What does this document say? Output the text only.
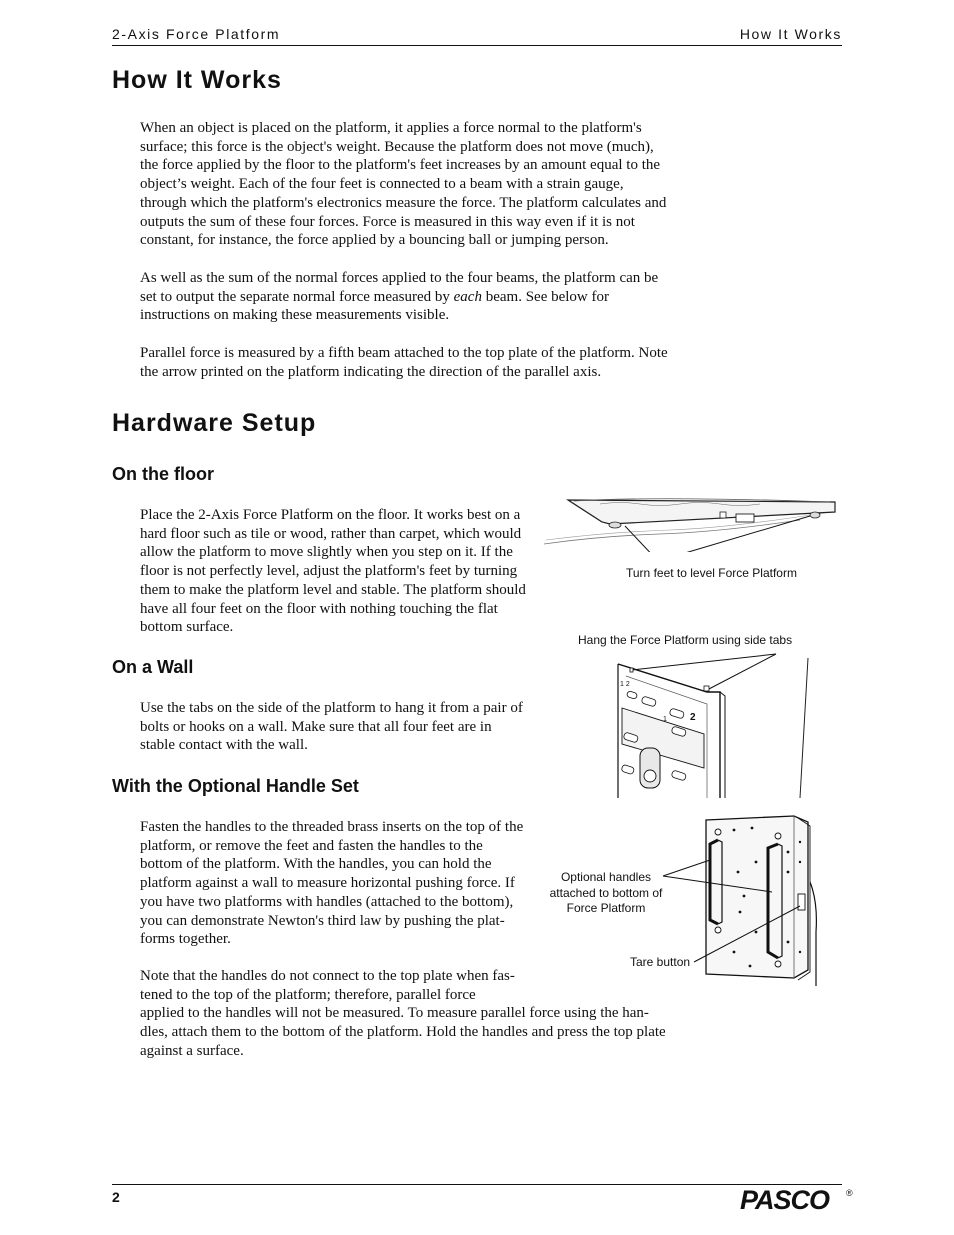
2-Axis Force Platform	How It Works
How It Works

When an object is placed on the platform, it applies a force normal to the platform's surface; this force is the object's weight. Because the platform does not move (much), the force applied by the floor to the platform's feet increases by an amount equal to the object’s weight. Each of the four feet is connected to a beam with a strain gauge, through which the platform's electronics measure the force. The platform calculates and outputs the sum of these four forces. Force is measured in this way even if it is not constant, for instance, the force applied by a bouncing ball or jumping person.

As well as the sum of the normal forces applied to the four beams, the platform can be set to output the separate normal force measured by each beam. See below for instructions on making these measurements visible.

Parallel force is measured by a fifth beam attached to the top plate of the platform. Note the arrow printed on the platform indicating the direction of the parallel axis.

Hardware Setup
On the floor

Place the 2-Axis Force Platform on the floor. It works best on a hard floor such as tile or wood, rather than carpet, which would allow the platform to move slightly when you step on it. If the floor is not perfectly level, adjust the platform's feet by turning them to make the platform level and stable. The platform should have all four feet on the floor with nothing touching the flat bottom surface.

On a Wall

Use the tabs on the side of the platform to hang it from a pair of bolts or hooks on a wall. Make sure that all four feet are in stable contact with the wall.

With the Optional Handle Set

Fasten the handles to the threaded brass inserts on the top of the platform, or remove the feet and fasten the handles to the bottom of the platform. With the handles, you can hold the platform against a wall to measure horizontal pushing force. If you have two platforms with handles (attached to the bottom), you can demonstrate Newton's third law by pushing the plat-forms together.

Note that the handles do not connect to the top plate when fas-
tened to the top of the platform; therefore, parallel force
applied to the handles will not be measured. To measure parallel force using the han-dles, attach them to the bottom of the platform. Hold the handles and press the top plate against a surface.
Turn feet to level Force Platform
Hang the Force Platform using side tabs
1 2
1 2
Optional handles
attached to bottom of
Force Platform
Tare button
2	PASCO ®
